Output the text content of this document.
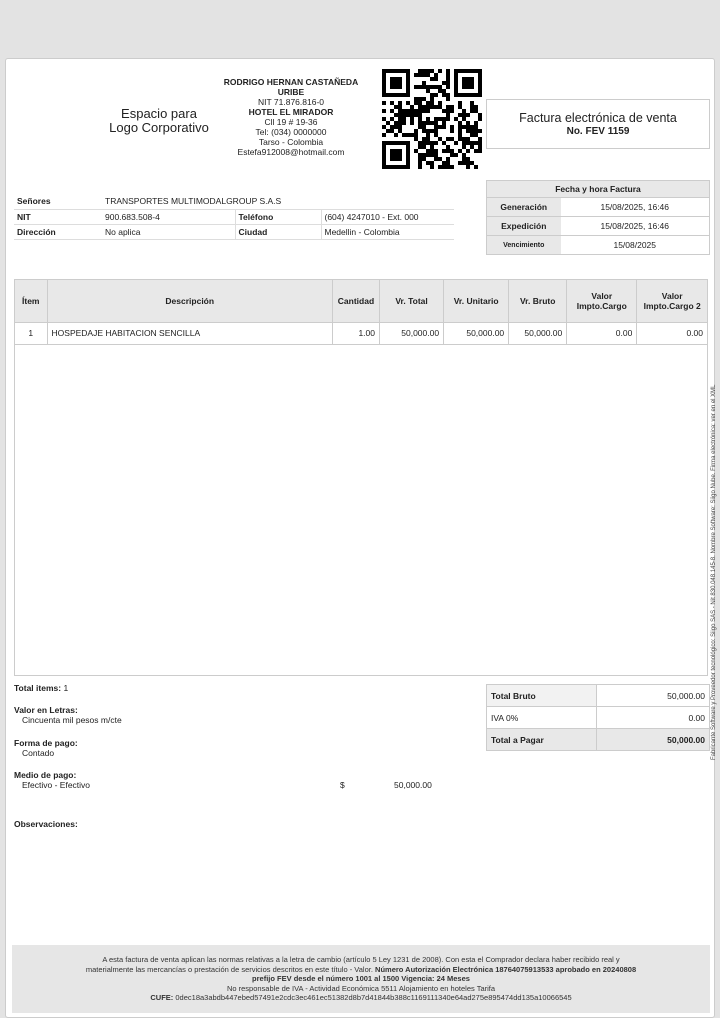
Espacio para
Logo Corporativo
RODRIGO HERNAN CASTAÑEDA
URIBE
NIT 71.876.816-0
HOTEL EL MIRADOR
Cll 19 # 19-36
Tel: (034) 0000000
Tarso - Colombia
Estefa912008@hotmail.com
Factura electrónica de venta
No. FEV 1159
Señores	TRANSPORTES MULTIMODALGROUP S.A.S		
NIT	900.683.508-4	Teléfono	(604) 4247010 - Ext. 000
Dirección	No aplica	Ciudad	Medellin - Colombia
Fecha y hora Factura	
Generación	15/08/2025, 16:46
Expedición	15/08/2025, 16:46
Vencimiento	15/08/2025
Ítem	Descripción	Cantidad	Vr. Total	Vr. Unitario	Vr. Bruto	Valor Impto.Cargo	Valor Impto.Cargo 2
1	HOSPEDAJE HABITACION SENCILLA	1.00	50,000.00	50,000.00	50,000.00	0.00	0.00
Total items: 1
Valor en Letras:
Cincuenta mil pesos m/cte
Forma de pago:
Contado
Medio de pago:
Efectivo - Efectivo	$	50,000.00
Observaciones:
Total Bruto	50,000.00
IVA 0%	0.00
Total a Pagar	50,000.00
A esta factura de venta aplican las normas relativas a la letra de cambio (artículo 5 Ley 1231 de 2008). Con esta el Comprador declara haber recibido real y
materialmente las mercancías o prestación de servicios descritos en este título - Valor. Número Autorización Electrónica 18764075913533 aprobado en 20240808
prefijo FEV desde el número 1001 al 1500 Vigencia: 24 Meses
No responsable de IVA - Actividad Económica 5511 Alojamiento en hoteles Tarifa
CUFE: 0dec18a3abdb447ebed57491e2cdc3ec461ec51382d8b7d41844b388c1169111340e64ad275e895474dd135a10066545
Fabricante Software y Proveedor tecnológico: Siigo SAS - Nit 830.048.145-8. Nombre Software: Siigo Nube. Firma electrónica: ver en el XML
